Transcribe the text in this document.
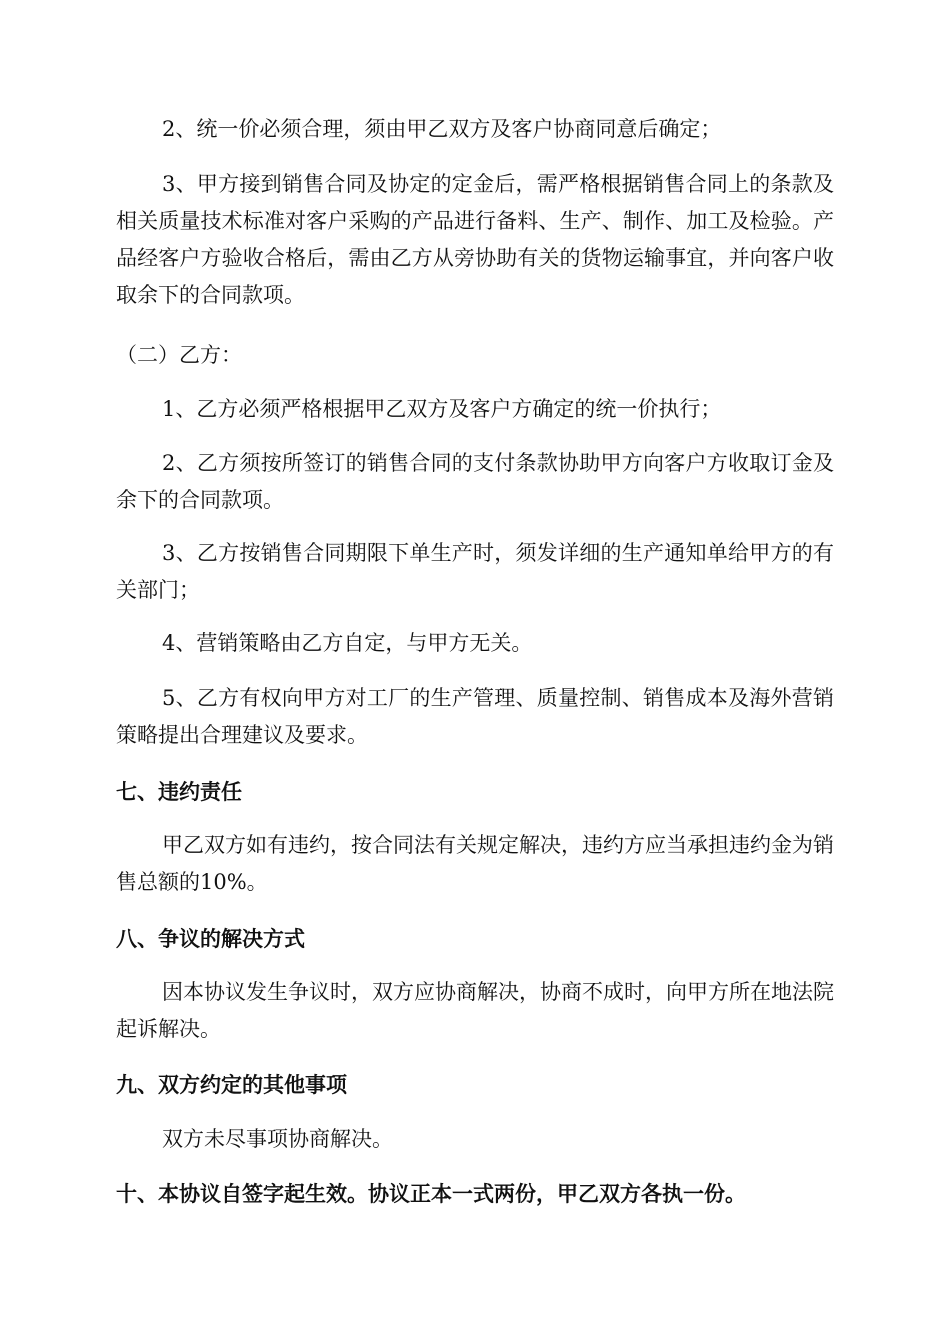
2、统一价必须合理，须由甲乙双方及客户协商同意后确定；

3、甲方接到销售合同及协定的定金后，需严格根据销售合同上的条款及相关质量技术标准对客户采购的产品进行备料、生产、制作、加工及检验。产品经客户方验收合格后，需由乙方从旁协助有关的货物运输事宜，并向客户收取余下的合同款项。

（二）乙方：

1、乙方必须严格根据甲乙双方及客户方确定的统一价执行；

2、乙方须按所签订的销售合同的支付条款协助甲方向客户方收取订金及余下的合同款项。

3、乙方按销售合同期限下单生产时，须发详细的生产通知单给甲方的有关部门；

4、营销策略由乙方自定，与甲方无关。

5、乙方有权向甲方对工厂的生产管理、质量控制、销售成本及海外营销策略提出合理建议及要求。

七、违约责任

甲乙双方如有违约，按合同法有关规定解决，违约方应当承担违约金为销售总额的10%。

八、争议的解决方式

因本协议发生争议时，双方应协商解决，协商不成时，向甲方所在地法院起诉解决。

九、双方约定的其他事项

双方未尽事项协商解决。

十、本协议自签字起生效。协议正本一式两份，甲乙双方各执一份。
